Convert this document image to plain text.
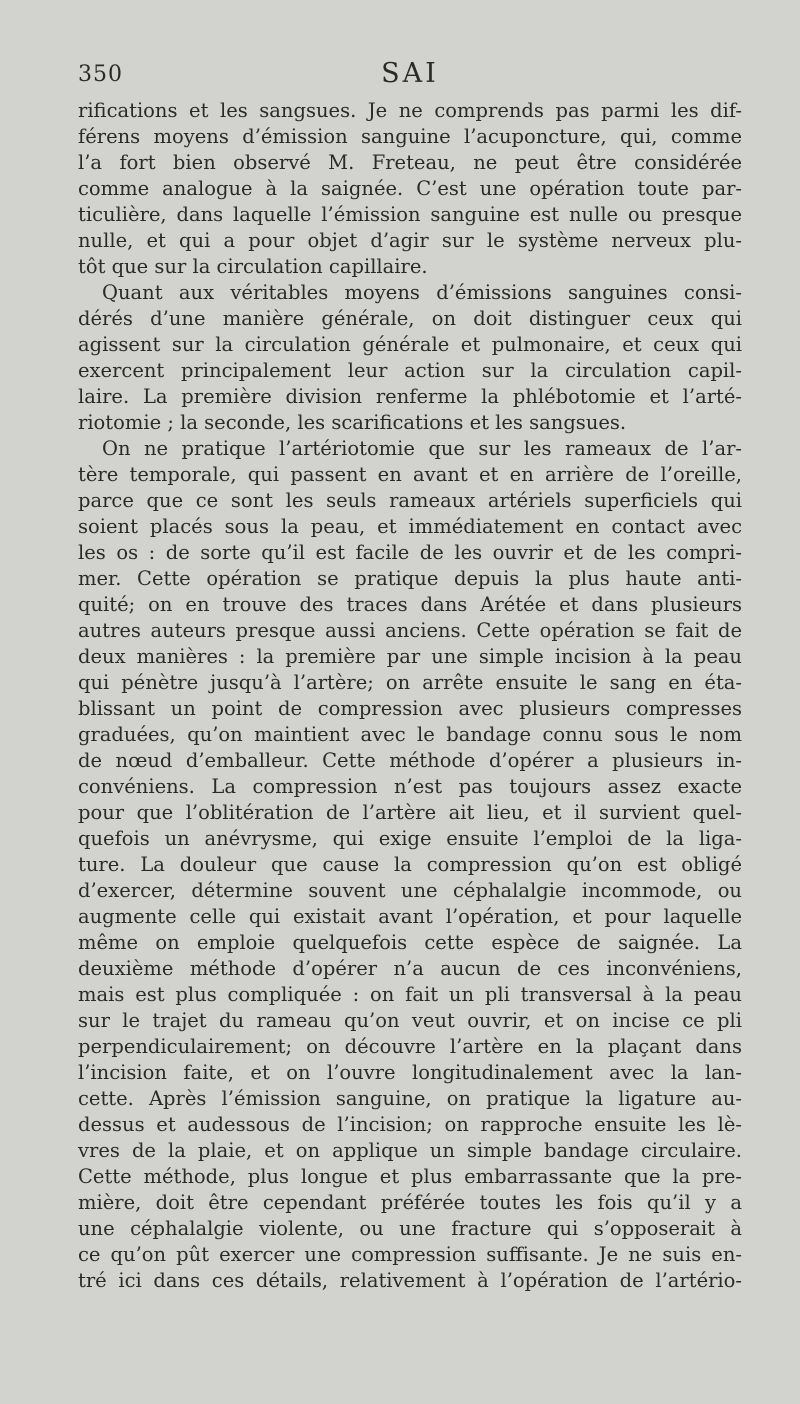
350	SAI
rifications et les sangsues. Je ne comprends pas parmi les dif-
férens moyens d’émission sanguine l’acuponcture, qui, comme
l’a fort bien observé M. Freteau, ne peut être considérée
comme analogue à la saignée. C’est une opération toute par-
ticulière, dans laquelle l’émission sanguine est nulle ou presque
nulle, et qui a pour objet d’agir sur le système nerveux plu-
tôt que sur la circulation capillaire.
Quant aux véritables moyens d’émissions sanguines consi-
dérés d’une manière générale, on doit distinguer ceux qui
agissent sur la circulation générale et pulmonaire, et ceux qui
exercent principalement leur action sur la circulation capil-
laire. La première division renferme la phlébotomie et l’arté-
riotomie ; la seconde, les scarifications et les sangsues.
On ne pratique l’artériotomie que sur les rameaux de l’ar-
tère temporale, qui passent en avant et en arrière de l’oreille,
parce que ce sont les seuls rameaux artériels superficiels qui
soient placés sous la peau, et immédiatement en contact avec
les os : de sorte qu’il est facile de les ouvrir et de les compri-
mer. Cette opération se pratique depuis la plus haute anti-
quité; on en trouve des traces dans Arétée et dans plusieurs
autres auteurs presque aussi anciens. Cette opération se fait de
deux manières : la première par une simple incision à la peau
qui pénètre jusqu’à l’artère; on arrête ensuite le sang en éta-
blissant un point de compression avec plusieurs compresses
graduées, qu’on maintient avec le bandage connu sous le nom
de nœud d’emballeur. Cette méthode d’opérer a plusieurs in-
convéniens. La compression n’est pas toujours assez exacte
pour que l’oblitération de l’artère ait lieu, et il survient quel-
quefois un anévrysme, qui exige ensuite l’emploi de la liga-
ture. La douleur que cause la compression qu’on est obligé
d’exercer, détermine souvent une céphalalgie incommode, ou
augmente celle qui existait avant l’opération, et pour laquelle
même on emploie quelquefois cette espèce de saignée. La
deuxième méthode d’opérer n’a aucun de ces inconvéniens,
mais est plus compliquée : on fait un pli transversal à la peau
sur le trajet du rameau qu’on veut ouvrir, et on incise ce pli
perpendiculairement; on découvre l’artère en la plaçant dans
l’incision faite, et on l’ouvre longitudinalement avec la lan-
cette. Après l’émission sanguine, on pratique la ligature au-
dessus et audessous de l’incision; on rapproche ensuite les lè-
vres de la plaie, et on applique un simple bandage circulaire.
Cette méthode, plus longue et plus embarrassante que la pre-
mière, doit être cependant préférée toutes les fois qu’il y a
une céphalalgie violente, ou une fracture qui s’opposerait à
ce qu’on pût exercer une compression suffisante. Je ne suis en-
tré ici dans ces détails, relativement à l’opération de l’artério-
